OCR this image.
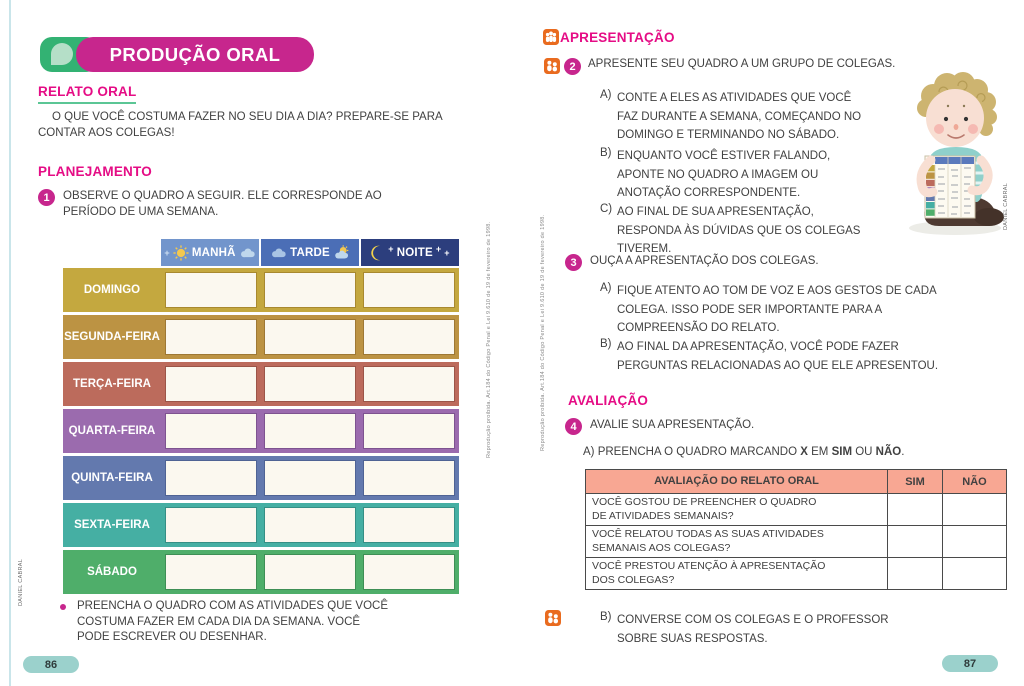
PRODUÇÃO ORAL
RELATO ORAL
O QUE VOCÊ COSTUMA FAZER NO SEU DIA A DIA? PREPARE-SE PARA CONTAR AOS COLEGAS!
PLANEJAMENTO
1	OBSERVE O QUADRO A SEGUIR. ELE CORRESPONDE AO PERÍODO DE UMA SEMANA.
+ MANHÃ	TARDE	+ NOITE + +
DOMINGO
SEGUNDA-FEIRA
TERÇA-FEIRA
QUARTA-FEIRA
QUINTA-FEIRA
SEXTA-FEIRA
SÁBADO
PREENCHA O QUADRO COM AS ATIVIDADES QUE VOCÊ COSTUMA FAZER EM CADA DIA DA SEMANA. VOCÊ PODE ESCREVER OU DESENHAR.
86
DANIEL CABRAL
Reprodução proibida. Art.184 do Código Penal e Lei 9.610 de 19 de fevereiro de 1998.
APRESENTAÇÃO
2	APRESENTE SEU QUADRO A UM GRUPO DE COLEGAS.
A) CONTE A ELES AS ATIVIDADES QUE VOCÊ FAZ DURANTE A SEMANA, COMEÇANDO NO DOMINGO E TERMINANDO NO SÁBADO.
B) ENQUANTO VOCÊ ESTIVER FALANDO, APONTE NO QUADRO A IMAGEM OU ANOTAÇÃO CORRESPONDENTE.
C) AO FINAL DE SUA APRESENTAÇÃO, RESPONDA ÀS DÚVIDAS QUE OS COLEGAS TIVEREM.
DANIEL CABRAL
3	OUÇA A APRESENTAÇÃO DOS COLEGAS.
A) FIQUE ATENTO AO TOM DE VOZ E AOS GESTOS DE CADA COLEGA. ISSO PODE SER IMPORTANTE PARA A COMPREENSÃO DO RELATO.
B) AO FINAL DA APRESENTAÇÃO, VOCÊ PODE FAZER PERGUNTAS RELACIONADAS AO QUE ELE APRESENTOU.
AVALIAÇÃO
4	AVALIE SUA APRESENTAÇÃO.
A) PREENCHA O QUADRO MARCANDO X EM SIM OU NÃO.
AVALIAÇÃO DO RELATO ORAL	SIM	NÃO
VOCÊ GOSTOU DE PREENCHER O QUADRO
DE ATIVIDADES SEMANAIS?
VOCÊ RELATOU TODAS AS SUAS ATIVIDADES
SEMANAIS AOS COLEGAS?
VOCÊ PRESTOU ATENÇÃO À APRESENTAÇÃO
DOS COLEGAS?
B) CONVERSE COM OS COLEGAS E O PROFESSOR SOBRE SUAS RESPOSTAS.
87
Reprodução proibida. Art.184 do Código Penal e Lei 9.610 de 19 de fevereiro de 1998.
